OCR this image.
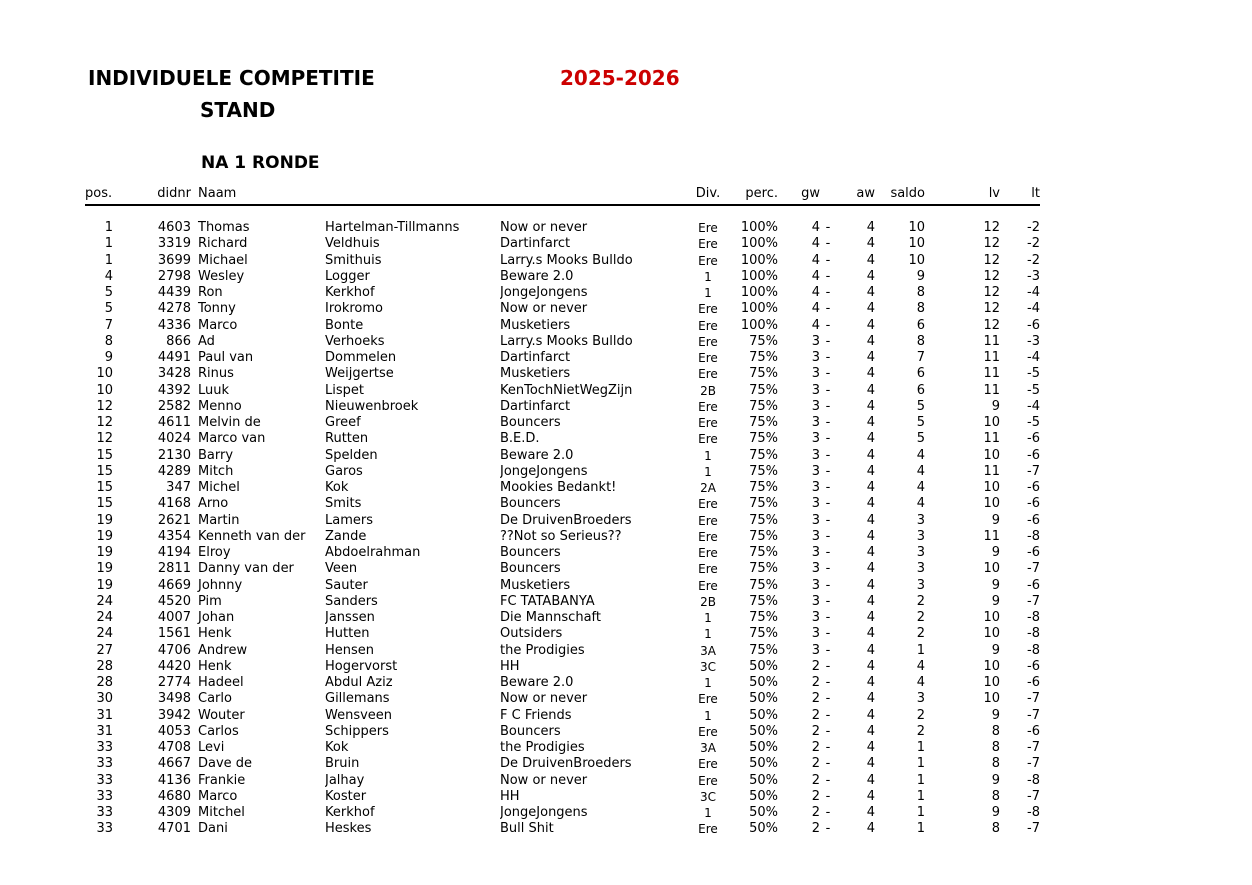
INDIVIDUELE COMPETITIE	2025-2026
STAND
NA 1 RONDE
pos.	didnr Naam	Div.	perc.	gw	aw	saldo	lv	lt
1	4603 Thomas	Hartelman-Tillmanns	Now or never	Ere	100%	4 -	4	10	12	-2
1	3319 Richard	Veldhuis	Dartinfarct	Ere	100%	4 -	4	10	12	-2
1	3699 Michael	Smithuis	Larry.s Mooks Bulldo	Ere	100%	4 -	4	10	12	-2
4	2798 Wesley	Logger	Beware 2.0	1	100%	4 -	4	9	12	-3
5	4439 Ron	Kerkhof	JongeJongens	1	100%	4 -	4	8	12	-4
5	4278 Tonny	Irokromo	Now or never	Ere	100%	4 -	4	8	12	-4
7	4336 Marco	Bonte	Musketiers	Ere	100%	4 -	4	6	12	-6
8	866 Ad	Verhoeks	Larry.s Mooks Bulldo	Ere	75%	3 -	4	8	11	-3
9	4491 Paul van	Dommelen	Dartinfarct	Ere	75%	3 -	4	7	11	-4
10	3428 Rinus	Weijgertse	Musketiers	Ere	75%	3 -	4	6	11	-5
10	4392 Luuk	Lispet	KenTochNietWegZijn	2B	75%	3 -	4	6	11	-5
12	2582 Menno	Nieuwenbroek	Dartinfarct	Ere	75%	3 -	4	5	9	-4
12	4611 Melvin de	Greef	Bouncers	Ere	75%	3 -	4	5	10	-5
12	4024 Marco van	Rutten	B.E.D.	Ere	75%	3 -	4	5	11	-6
15	2130 Barry	Spelden	Beware 2.0	1	75%	3 -	4	4	10	-6
15	4289 Mitch	Garos	JongeJongens	1	75%	3 -	4	4	11	-7
15	347 Michel	Kok	Mookies Bedankt!	2A	75%	3 -	4	4	10	-6
15	4168 Arno	Smits	Bouncers	Ere	75%	3 -	4	4	10	-6
19	2621 Martin	Lamers	De DruivenBroeders	Ere	75%	3 -	4	3	9	-6
19	4354 Kenneth van der	Zande	??Not so Serieus??	Ere	75%	3 -	4	3	11	-8
19	4194 Elroy	Abdoelrahman	Bouncers	Ere	75%	3 -	4	3	9	-6
19	2811 Danny van der	Veen	Bouncers	Ere	75%	3 -	4	3	10	-7
19	4669 Johnny	Sauter	Musketiers	Ere	75%	3 -	4	3	9	-6
24	4520 Pim	Sanders	FC TATABANYA	2B	75%	3 -	4	2	9	-7
24	4007 Johan	Janssen	Die Mannschaft	1	75%	3 -	4	2	10	-8
24	1561 Henk	Hutten	Outsiders	1	75%	3 -	4	2	10	-8
27	4706 Andrew	Hensen	the Prodigies	3A	75%	3 -	4	1	9	-8
28	4420 Henk	Hogervorst	HH	3C	50%	2 -	4	4	10	-6
28	2774 Hadeel	Abdul Aziz	Beware 2.0	1	50%	2 -	4	4	10	-6
30	3498 Carlo	Gillemans	Now or never	Ere	50%	2 -	4	3	10	-7
31	3942 Wouter	Wensveen	F C Friends	1	50%	2 -	4	2	9	-7
31	4053 Carlos	Schippers	Bouncers	Ere	50%	2 -	4	2	8	-6
33	4708 Levi	Kok	the Prodigies	3A	50%	2 -	4	1	8	-7
33	4667 Dave de	Bruin	De DruivenBroeders	Ere	50%	2 -	4	1	8	-7
33	4136 Frankie	Jalhay	Now or never	Ere	50%	2 -	4	1	9	-8
33	4680 Marco	Koster	HH	3C	50%	2 -	4	1	8	-7
33	4309 Mitchel	Kerkhof	JongeJongens	1	50%	2 -	4	1	9	-8
33	4701 Dani	Heskes	Bull Shit	Ere	50%	2 -	4	1	8	-7
